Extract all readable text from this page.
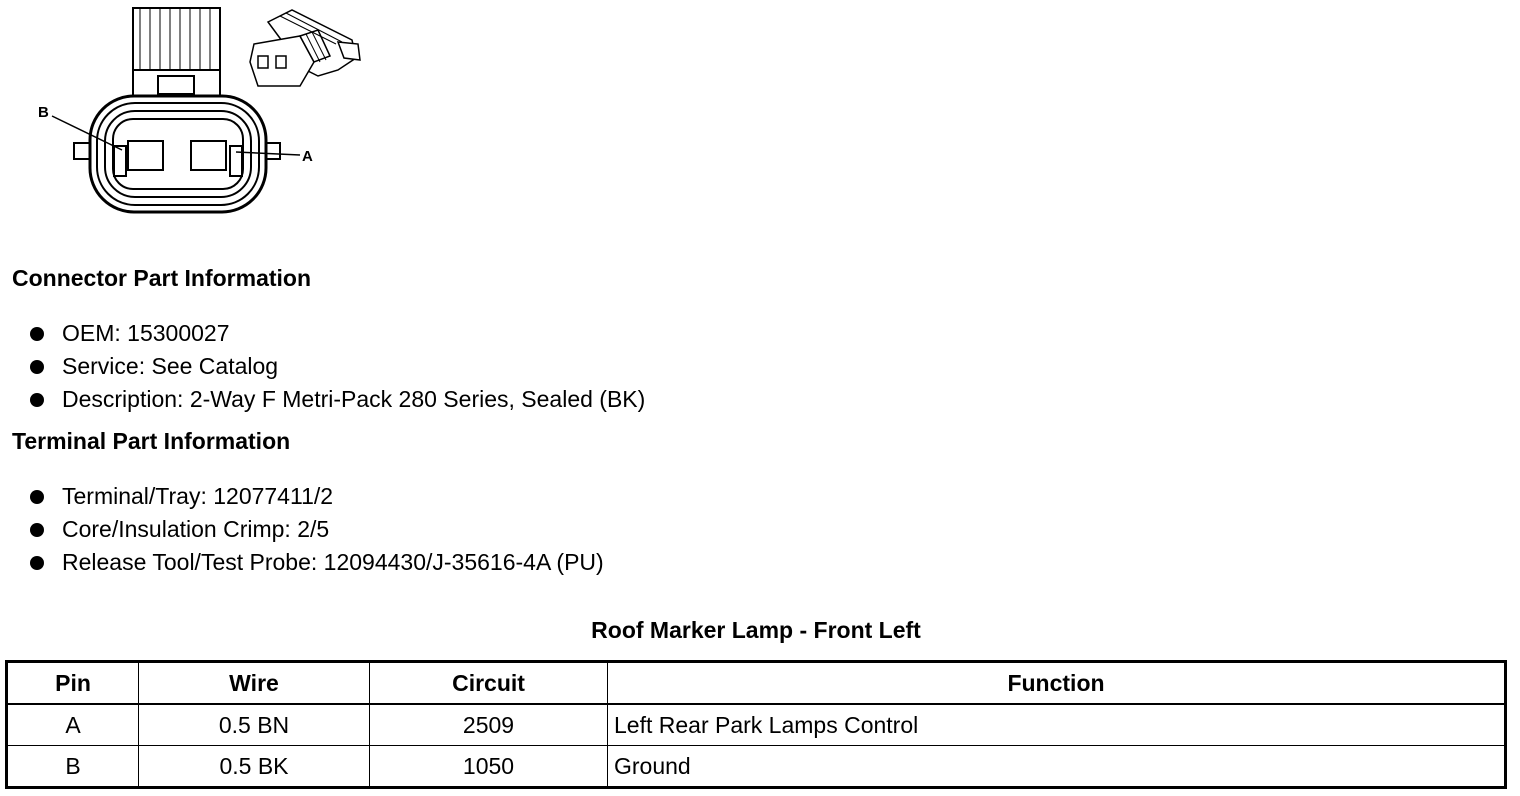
B
A
Connector Part Information
OEM: 15300027
Service: See Catalog
Description: 2-Way F Metri-Pack 280 Series, Sealed (BK)
Terminal Part Information
Terminal/Tray: 12077411/2
Core/Insulation Crimp: 2/5
Release Tool/Test Probe: 12094430/J-35616-4A (PU)
Roof Marker Lamp - Front Left
Pin	Wire	Circuit	Function
A	0.5 BN	2509	Left Rear Park Lamps Control
B	0.5 BK	1050	Ground
